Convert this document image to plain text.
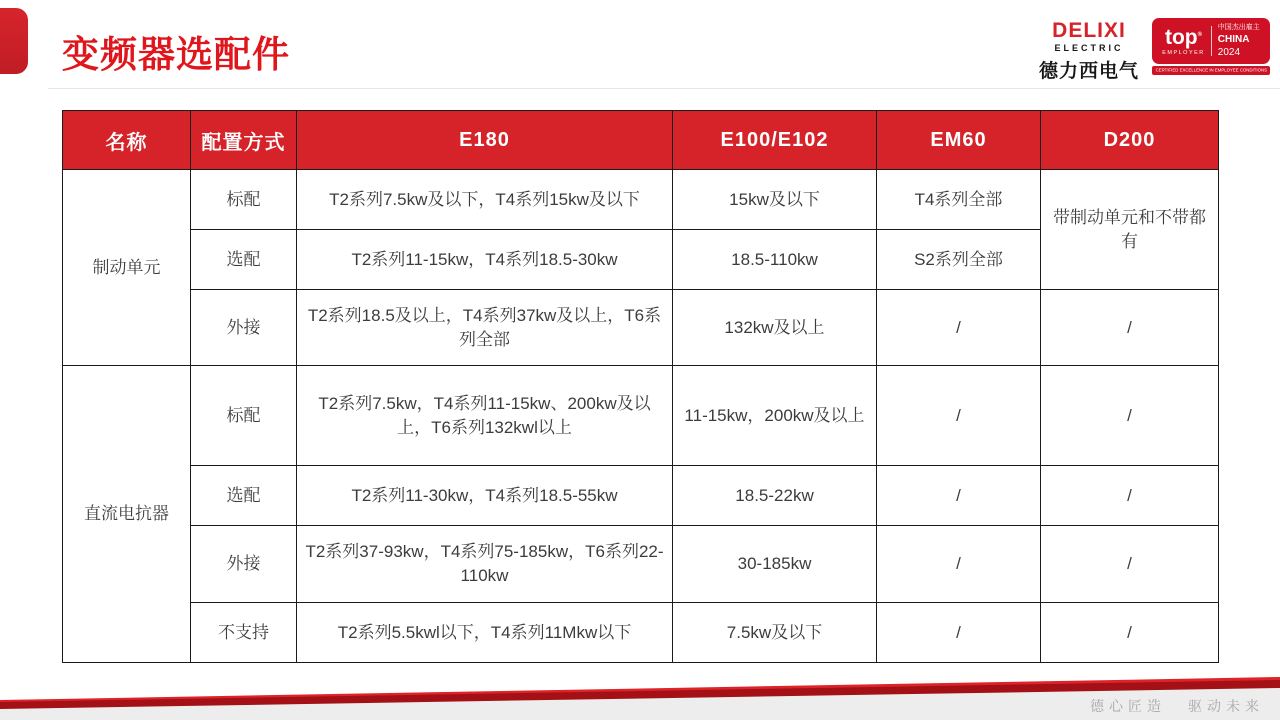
变频器选配件
DELIXI
ELECTRIC
德力西电气
top®
EMPLOYER
中国杰出雇主
CHINA
2024
CERTIFIED EXCELLENCE IN EMPLOYEE CONDITIONS
名称	配置方式	E180	E100/E102	EM60	D200
制动单元	标配	T2系列7.5kw及以下，T4系列15kw及以下	15kw及以下	T4系列全部	带制动单元和不带都有
	选配	T2系列11-15kw，T4系列18.5-30kw	18.5-110kw	S2系列全部	
	外接	T2系列18.5及以上，T4系列37kw及以上，T6系列全部	132kw及以上	/	/
直流电抗器	标配	T2系列7.5kw，T4系列11-15kw、200kw及以上，T6系列132kwl以上	11-15kw，200kw及以上	/	/
	选配	T2系列11-30kw，T4系列18.5-55kw	18.5-22kw	/	/
	外接	T2系列37-93kw，T4系列75-185kw，T6系列22-110kw	30-185kw	/	/
	不支持	T2系列5.5kwl以下，T4系列11Mkw以下	7.5kw及以下	/	/
德心匠造 驱动未来
